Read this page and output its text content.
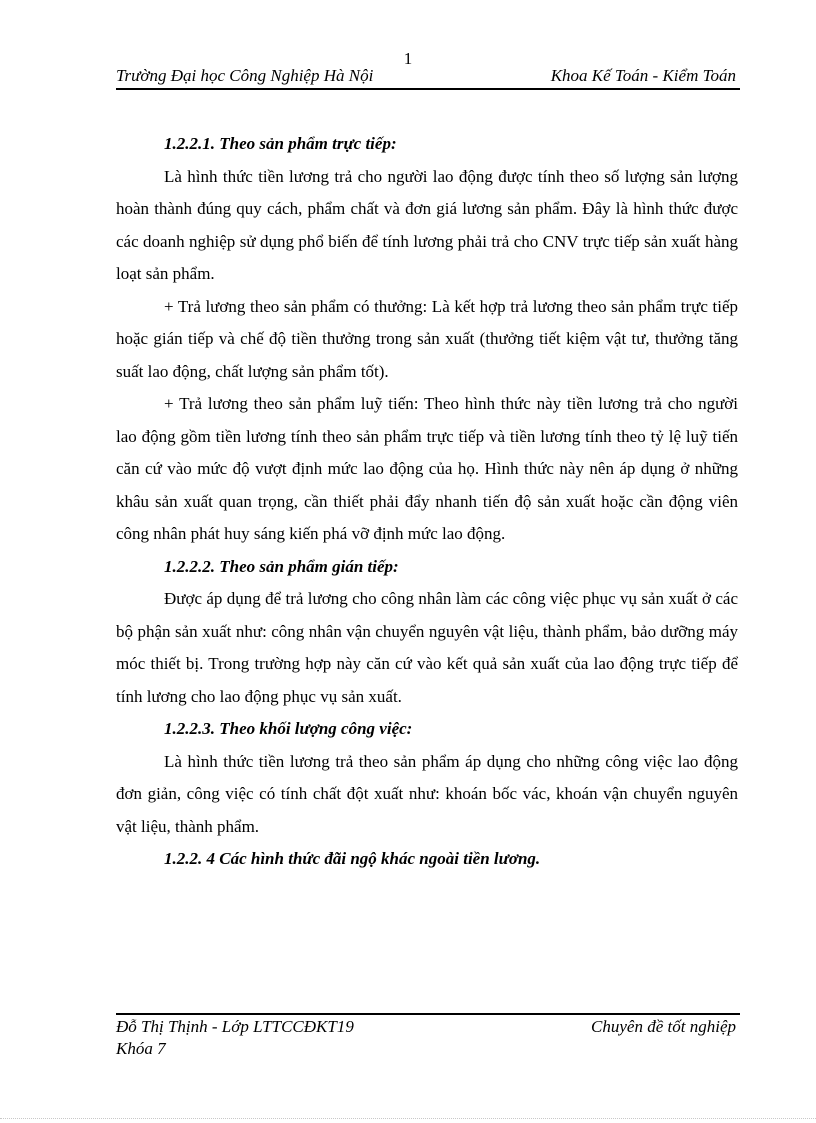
1
Trường Đại học Công Nghiệp Hà Nội	Khoa Kế Toán - Kiểm Toán
1.2.2.1. Theo sản phẩm trực tiếp:

Là hình thức tiền lương trả cho người lao động được tính theo số lượng sản lượng hoàn thành đúng quy cách, phẩm chất và đơn giá lương sản phẩm. Đây là hình thức được các doanh nghiệp sử dụng phổ biến để tính lương phải trả cho CNV trực tiếp sản xuất hàng loạt sản phẩm.

+ Trả lương theo sản phẩm có thưởng: Là kết hợp trả lương theo sản phẩm trực tiếp hoặc gián tiếp và chế độ tiền thưởng trong sản xuất (thưởng tiết kiệm vật tư, thưởng tăng suất lao động, chất lượng sản phẩm tốt).

+ Trả lương theo sản phẩm luỹ tiến: Theo hình thức này tiền lương trả cho người lao động gồm tiền lương tính theo sản phẩm trực tiếp và tiền lương tính theo tỷ lệ luỹ tiến căn cứ vào mức độ vượt định mức lao động của họ. Hình thức này nên áp dụng ở những khâu sản xuất quan trọng, cần thiết phải đẩy nhanh tiến độ sản xuất hoặc cần động viên công nhân phát huy sáng kiến phá vỡ định mức lao động.

1.2.2.2. Theo sản phẩm gián tiếp:

Được áp dụng để trả lương cho công nhân làm các công việc phục vụ sản xuất ở các bộ phận sản xuất như: công nhân vận chuyển nguyên vật liệu, thành phẩm, bảo dưỡng máy móc thiết bị. Trong trường hợp này căn cứ vào kết quả sản xuất của lao động trực tiếp để tính lương cho lao động phục vụ sản xuất.

1.2.2.3. Theo khối lượng công việc:

Là hình thức tiền lương trả theo sản phẩm áp dụng cho những công việc lao động đơn giản, công việc có tính chất đột xuất như: khoán bốc vác, khoán vận chuyển nguyên vật liệu, thành phẩm.

1.2.2. 4 Các hình thức đãi ngộ khác ngoài tiền lương.
Đỗ Thị Thịnh - Lớp LTTCCĐKT19
Khóa 7
Chuyên đề tốt nghiệp
